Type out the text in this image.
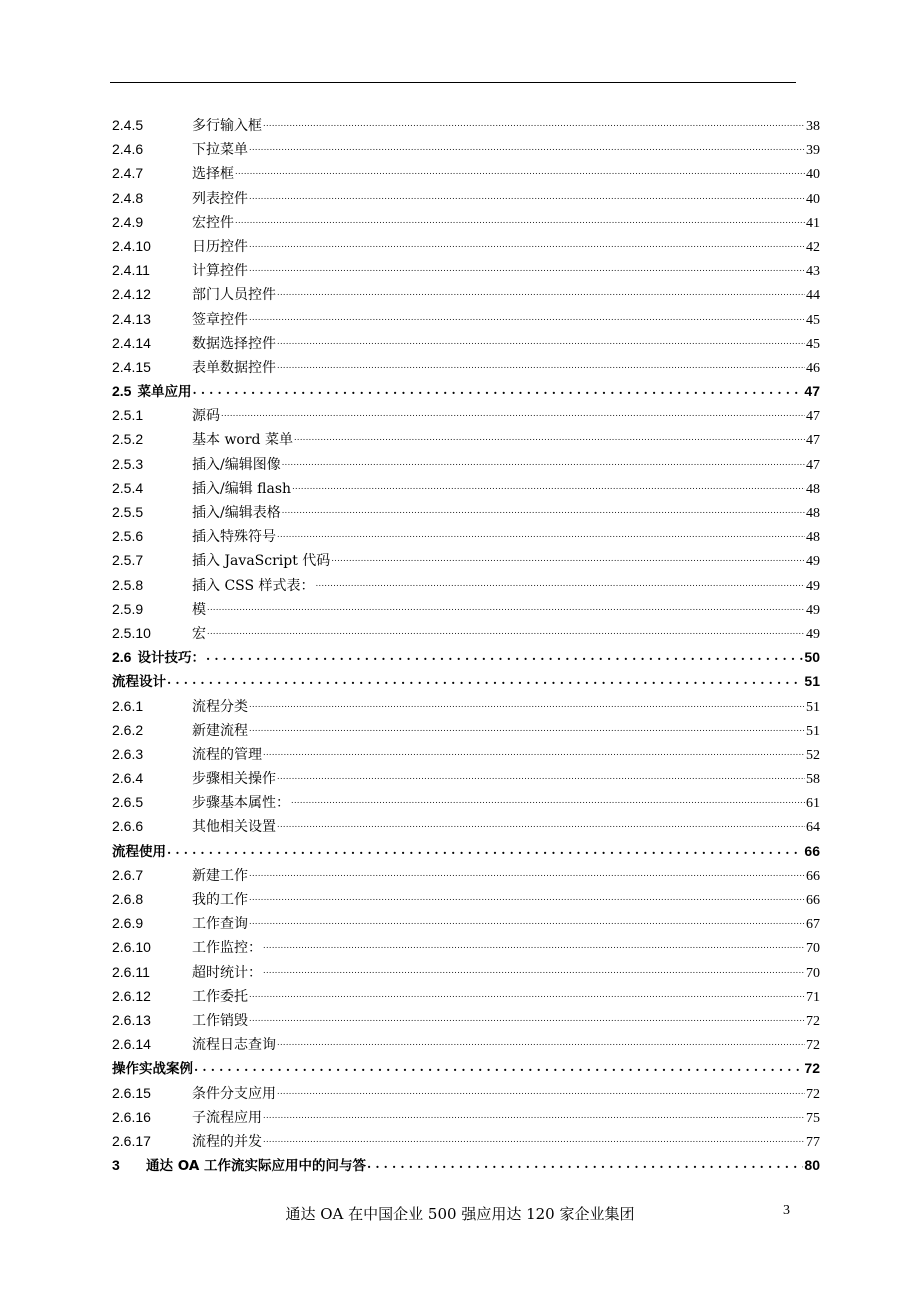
2.4.5	多行输入框 .....	38
2.4.6	下拉菜单 .....	39
2.4.7	选择框 .....	40
2.4.8	列表控件 .....	40
2.4.9	宏控件 .....	41
2.4.10	日历控件 .....	42
2.4.11	计算控件 .....	43
2.4.12	部门人员控件 .....	44
2.4.13	签章控件 .....	45
2.4.14	数据选择控件 .....	45
2.4.15	表单数据控件 .....	46
2.5 菜单应用 . . .	47
2.5.1	源码 .....	47
2.5.2	基本 word 菜单 .....	47
2.5.3	插入/编辑图像 .....	47
2.5.4	插入/编辑 flash .....	48
2.5.5	插入/编辑表格 .....	48
2.5.6	插入特殊符号 .....	48
2.5.7	插入 JavaScript 代码 .....	49
2.5.8	插入 CSS 样式表： .....	49
2.5.9	模 .....	49
2.5.10	宏 .....	49
2.6 设计技巧： . . .	50
流程设计 . . .	51
2.6.1	流程分类 .....	51
2.6.2	新建流程 .....	51
2.6.3	流程的管理 .....	52
2.6.4	步骤相关操作 .....	58
2.6.5	步骤基本属性： .....	61
2.6.6	其他相关设置 .....	64
流程使用 . . .	66
2.6.7	新建工作 .....	66
2.6.8	我的工作 .....	66
2.6.9	工作查询 .....	67
2.6.10	工作监控： .....	70
2.6.11	超时统计： .....	70
2.6.12	工作委托 .....	71
2.6.13	工作销毁 .....	72
2.6.14	流程日志查询 .....	72
操作实战案例 . . .	72
2.6.15	条件分支应用 .....	72
2.6.16	子流程应用 .....	75
2.6.17	流程的并发 .....	77
3	通达 OA 工作流实际应用中的问与答 . . .	80
通达 OA 在中国企业 500 强应用达 120 家企业集团	3
